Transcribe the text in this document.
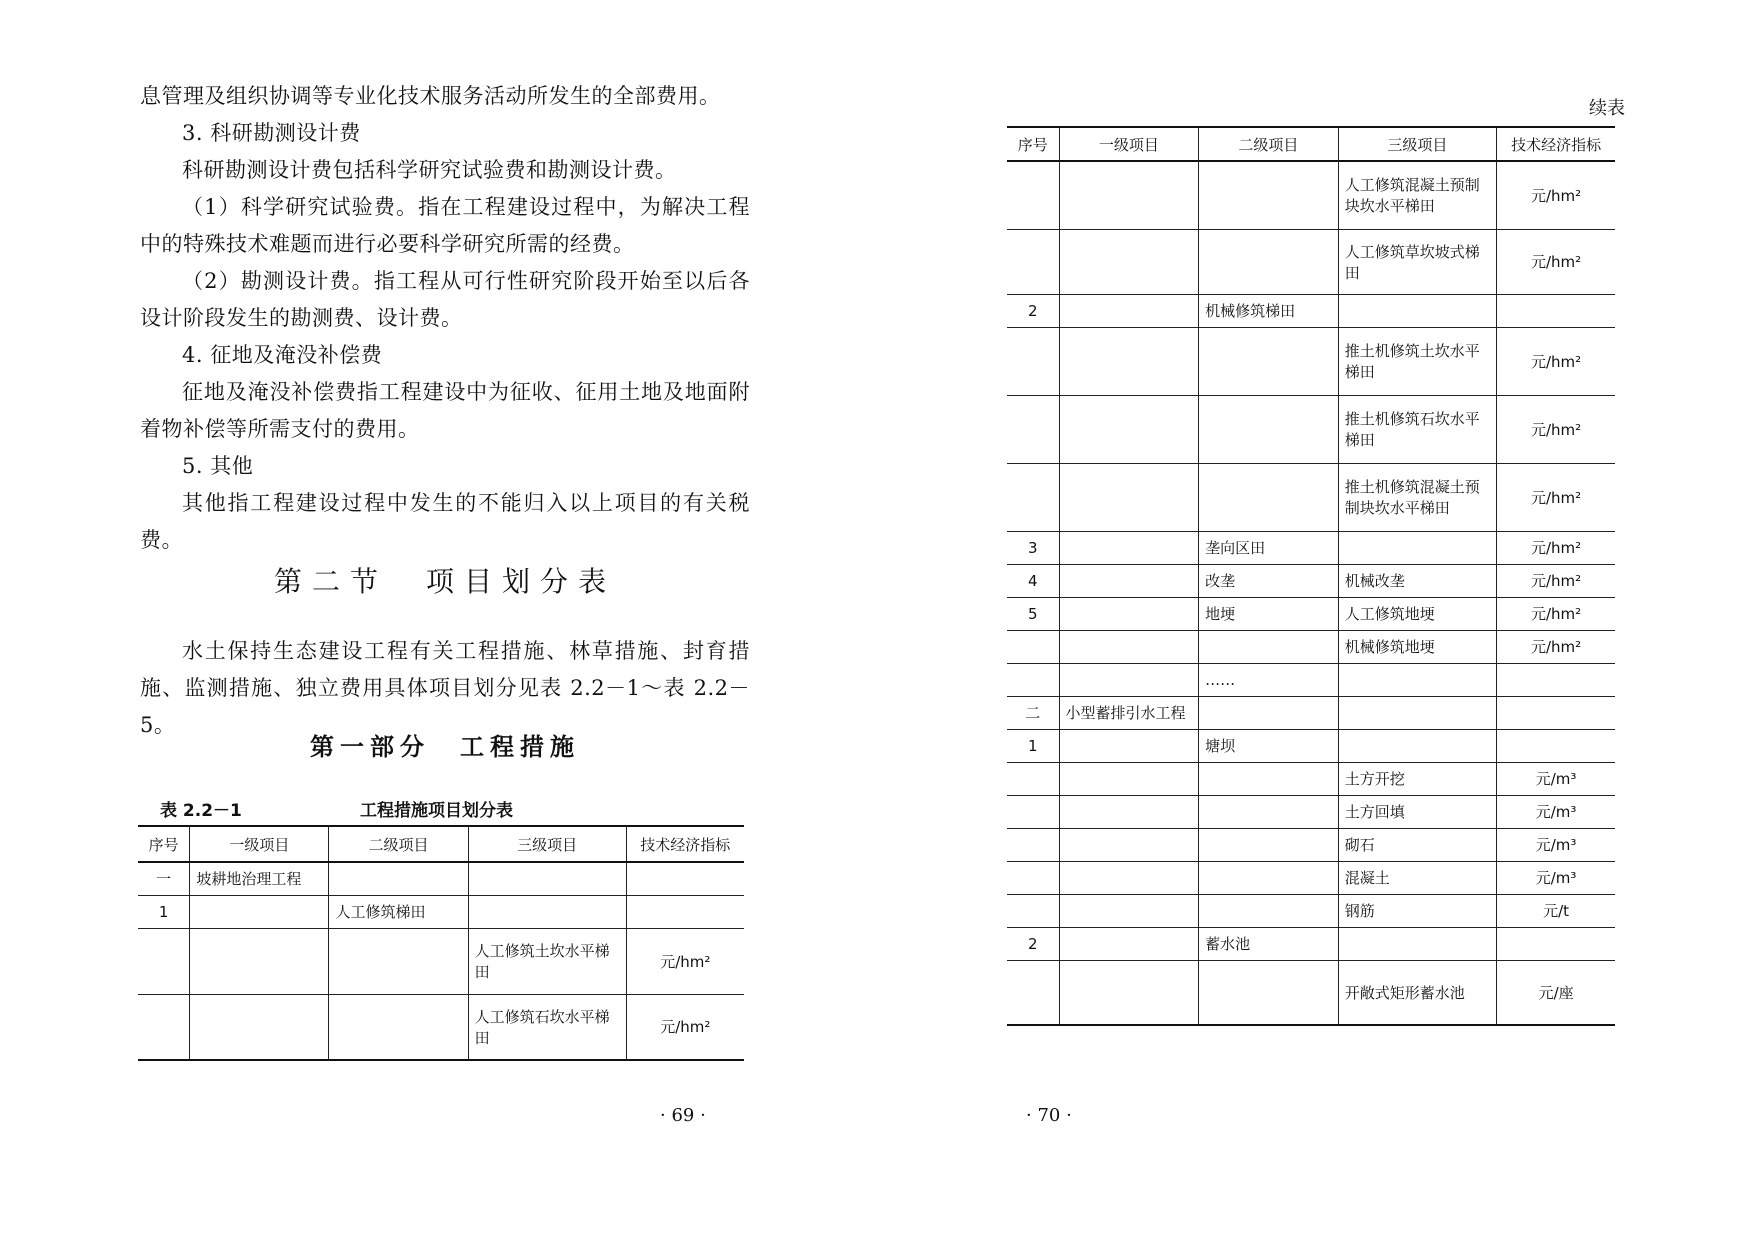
息管理及组织协调等专业化技术服务活动所发生的全部费用。

3. 科研勘测设计费

科研勘测设计费包括科学研究试验费和勘测设计费。

（1）科学研究试验费。指在工程建设过程中，为解决工程中的特殊技术难题而进行必要科学研究所需的经费。

（2）勘测设计费。指工程从可行性研究阶段开始至以后各设计阶段发生的勘测费、设计费。

4. 征地及淹没补偿费

征地及淹没补偿费指工程建设中为征收、征用土地及地面附着物补偿等所需支付的费用。

5. 其他

其他指工程建设过程中发生的不能归入以上项目的有关税费。

第二节　项目划分表

水土保持生态建设工程有关工程措施、林草措施、封育措施、监测措施、独立费用具体项目划分见表 2.2－1～表 2.2－5。

第一部分　工程措施

表 2.2－1	工程措施项目划分表
序号	一级项目	二级项目	三级项目	技术经济指标
一	坡耕地治理工程			
1		人工修筑梯田		
			人工修筑土坎水平梯田	元/hm²
			人工修筑石坎水平梯田	元/hm²
· 69 ·
续表
· 70 ·
序号	一级项目	二级项目	三级项目	技术经济指标
			人工修筑混凝土预制块坎水平梯田	元/hm²
			人工修筑草坎坡式梯田	元/hm²
2		机械修筑梯田		
			推土机修筑土坎水平梯田	元/hm²
			推土机修筑石坎水平梯田	元/hm²
			推土机修筑混凝土预制块坎水平梯田	元/hm²
3		垄向区田		元/hm²
4		改垄	机械改垄	元/hm²
5		地埂	人工修筑地埂	元/hm²
			机械修筑地埂	元/hm²
		……		
二	小型蓄排引水工程			
1		塘坝		
			土方开挖	元/m³
			土方回填	元/m³
			砌石	元/m³
			混凝土	元/m³
			钢筋	元/t
2		蓄水池		
			开敞式矩形蓄水池	元/座
